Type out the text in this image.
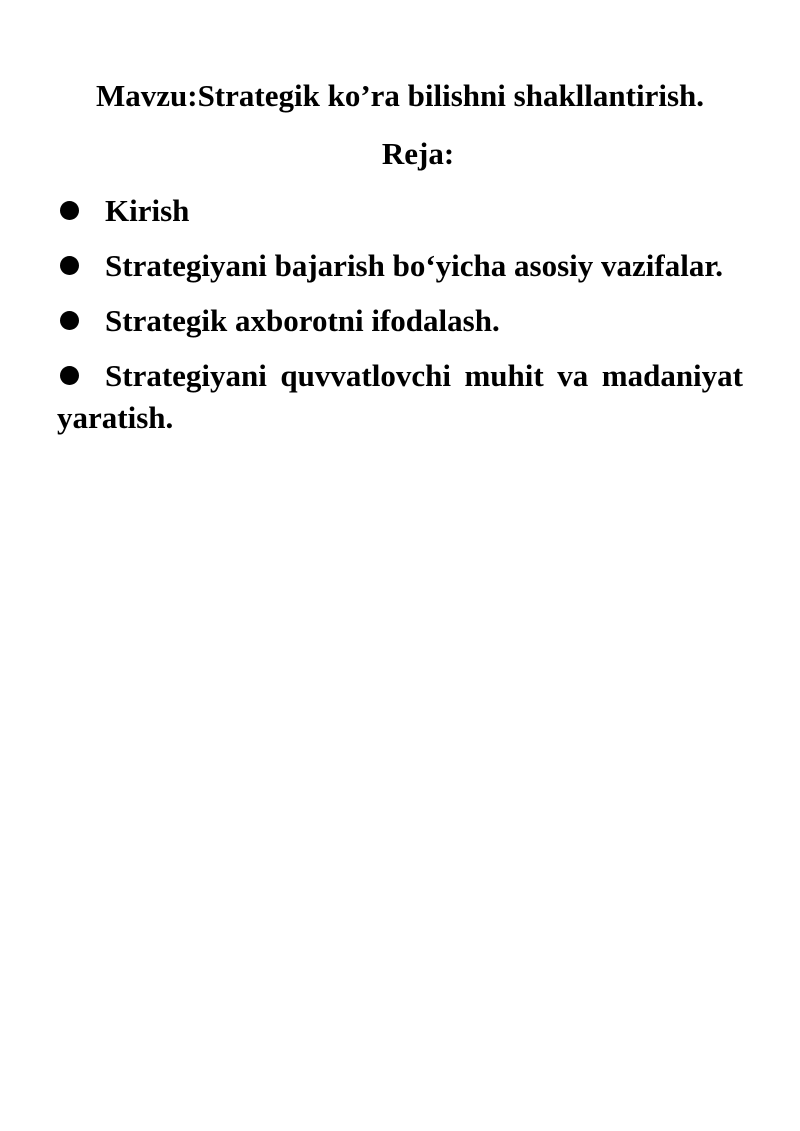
Mavzu:Strategik ko’ra bilishni shakllantirish.
Reja:
Kirish
Strategiyani bajarish bo‘yicha asosiy vazifalar.
Strategik axborotni ifodalash.
Strategiyani quvvatlovchi muhit va madaniyat yaratish.
